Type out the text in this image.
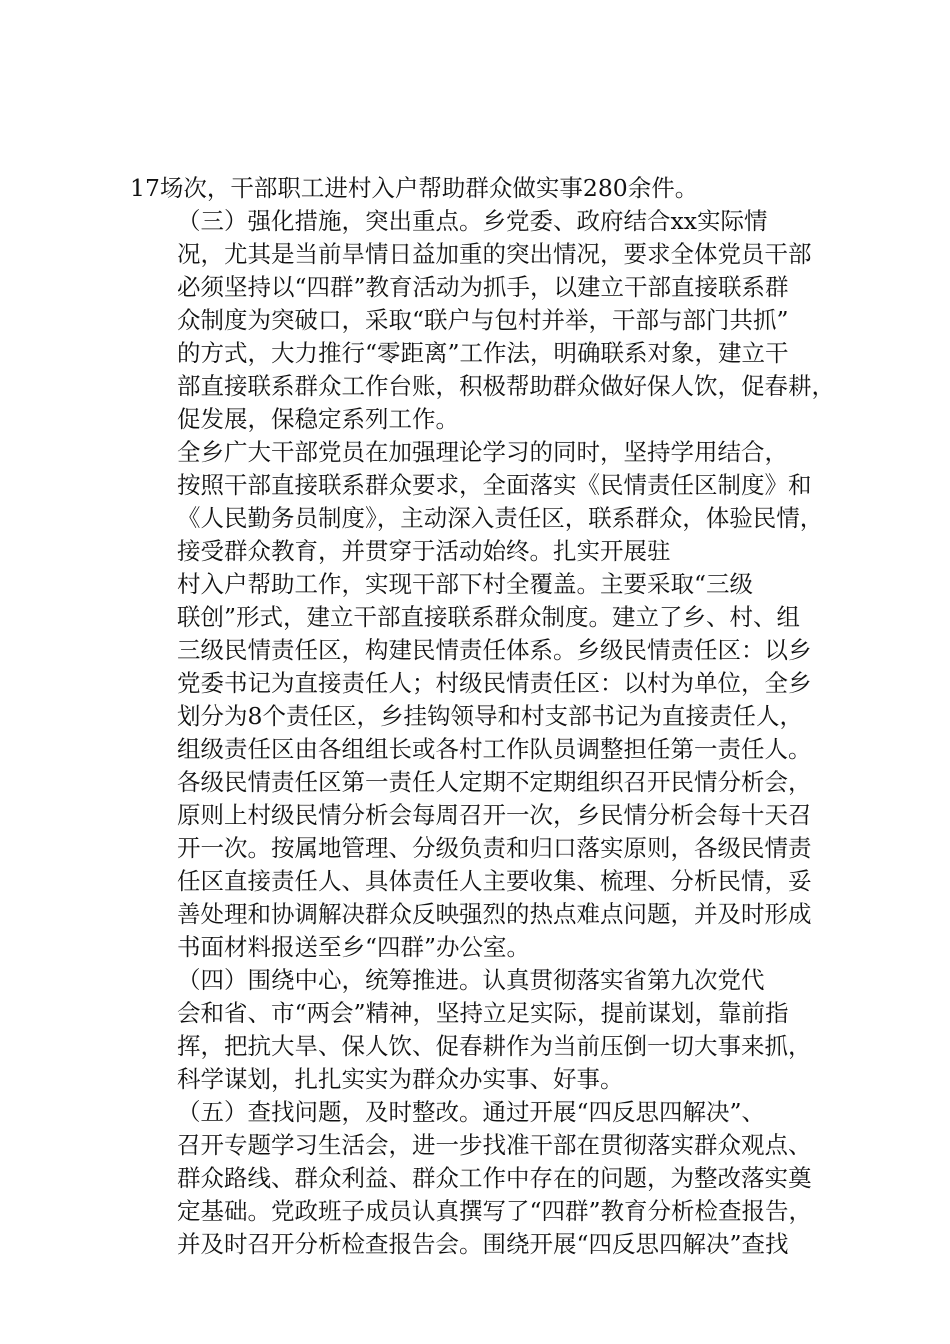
17场次，干部职工进村入户帮助群众做实事280余件。

（三）强化措施，突出重点。乡党委、政府结合xx实际情
况，尤其是当前旱情日益加重的突出情况，要求全体党员干部
必须坚持以“四群”教育活动为抓手，以建立干部直接联系群
众制度为突破口，采取“联户与包村并举，干部与部门共抓”
的方式，大力推行“零距离”工作法，明确联系对象，建立干
部直接联系群众工作台账，积极帮助群众做好保人饮，促春耕，
促发展，保稳定系列工作。

全乡广大干部党员在加强理论学习的同时，坚持学用结合，
按照干部直接联系群众要求，全面落实《民情责任区制度》和
《人民勤务员制度》，主动深入责任区，联系群众，体验民情，
接受群众教育，并贯穿于活动始终。扎实开展驻

村入户帮助工作，实现干部下村全覆盖。主要采取“三级
联创”形式，建立干部直接联系群众制度。建立了乡、村、组
三级民情责任区，构建民情责任体系。乡级民情责任区：以乡
党委书记为直接责任人；村级民情责任区：以村为单位，全乡
划分为8个责任区，乡挂钩领导和村支部书记为直接责任人，
组级责任区由各组组长或各村工作队员调整担任第一责任人。
各级民情责任区第一责任人定期不定期组织召开民情分析会，
原则上村级民情分析会每周召开一次，乡民情分析会每十天召
开一次。按属地管理、分级负责和归口落实原则，各级民情责
任区直接责任人、具体责任人主要收集、梳理、分析民情，妥
善处理和协调解决群众反映强烈的热点难点问题，并及时形成
书面材料报送至乡“四群”办公室。

（四）围绕中心，统筹推进。认真贯彻落实省第九次党代
会和省、市“两会”精神，坚持立足实际，提前谋划，靠前指
挥，把抗大旱、保人饮、促春耕作为当前压倒一切大事来抓，
科学谋划，扎扎实实为群众办实事、好事。

（五）查找问题，及时整改。通过开展“四反思四解决”、
召开专题学习生活会，进一步找准干部在贯彻落实群众观点、
群众路线、群众利益、群众工作中存在的问题，为整改落实奠
定基础。党政班子成员认真撰写了“四群”教育分析检查报告，
并及时召开分析检查报告会。围绕开展“四反思四解决”查找
